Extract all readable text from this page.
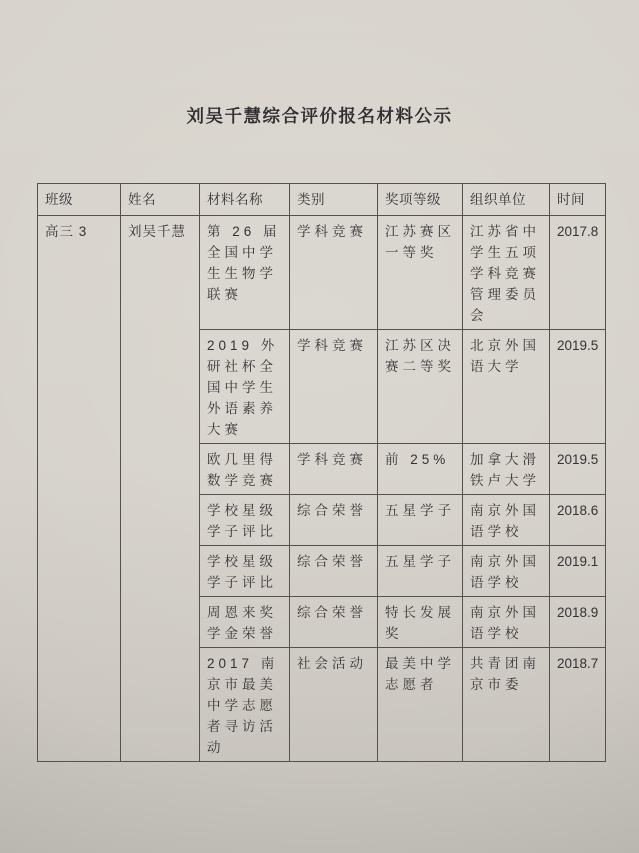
刘吴千慧综合评价报名材料公示
班级	姓名	材料名称	类别	奖项等级	组织单位	时间
高三 3	刘吴千慧	第 26 届全国中学生生物学联赛	学科竞赛	江苏赛区一等奖	江苏省中学生五项学科竞赛管理委员会	2017.8
		2019 外研社杯全国中学生外语素养大赛	学科竞赛	江苏区决赛二等奖	北京外国语大学	2019.5
		欧几里得数学竞赛	学科竞赛	前 25%	加拿大滑铁卢大学	2019.5
		学校星级学子评比	综合荣誉	五星学子	南京外国语学校	2018.6
		学校星级学子评比	综合荣誉	五星学子	南京外国语学校	2019.1
		周恩来奖学金荣誉	综合荣誉	特长发展奖	南京外国语学校	2018.9
		2017 南京市最美中学志愿者寻访活动	社会活动	最美中学志愿者	共青团南京市委	2018.7
